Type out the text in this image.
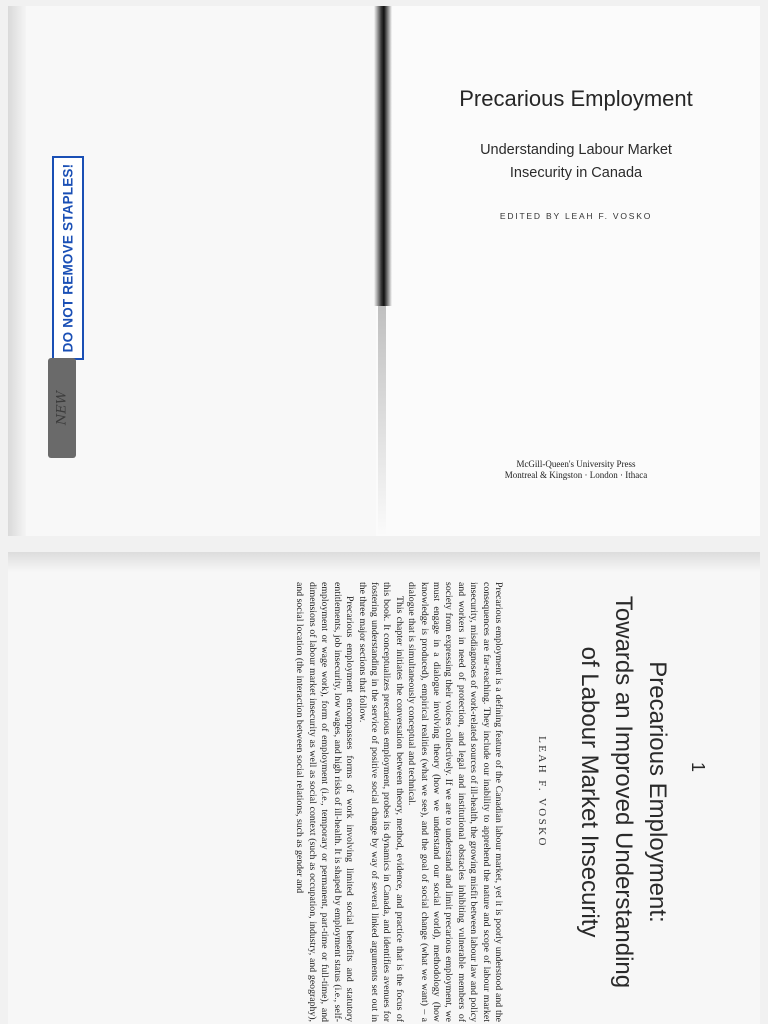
DO NOT REMOVE STAPLES!
NEW
Precarious Employment
Understanding Labour Market
Insecurity in Canada
EDITED BY LEAH F. VOSKO
McGill-Queen's University Press
Montreal & Kingston · London · Ithaca
1
Precarious Employment:
Towards an Improved Understanding
of Labour Market Insecurity
LEAH F. VOSKO

Precarious employment is a defining feature of the Canadian labour market, yet it is poorly understood and the consequences are far-reaching. They include our inability to apprehend the nature and scope of labour market insecurity, misdiagnoses of work-related sources of ill-health, the growing misfit between labour law and policy and workers in need of protection, and legal and institutional obstacles inhibiting vulnerable members of society from expressing their voices collectively. If we are to understand and limit precarious employment, we must engage in a dialogue involving theory (how we understand our social world), methodology (how knowledge is produced), empirical realities (what we see), and the goal of social change (what we want) – a dialogue that is simultaneously conceptual and technical.

This chapter initiates the conversation between theory, method, evidence, and practice that is the focus of this book. It conceptualizes precarious employment, probes its dynamics in Canada, and identifies avenues for fostering understanding in the service of positive social change by way of several linked arguments set out in the three major sections that follow.

Precarious employment encompasses forms of work involving limited social benefits and statutory entitlements, job insecurity, low wages, and high risks of ill-health. It is shaped by employment status (i.e., self-employment or wage work), form of employment (i.e., temporary or permanent, part-time or full-time), and dimensions of labour market insecurity as well as social context (such as occupation, industry, and geography), and social location (the interaction between social relations, such as gender and
